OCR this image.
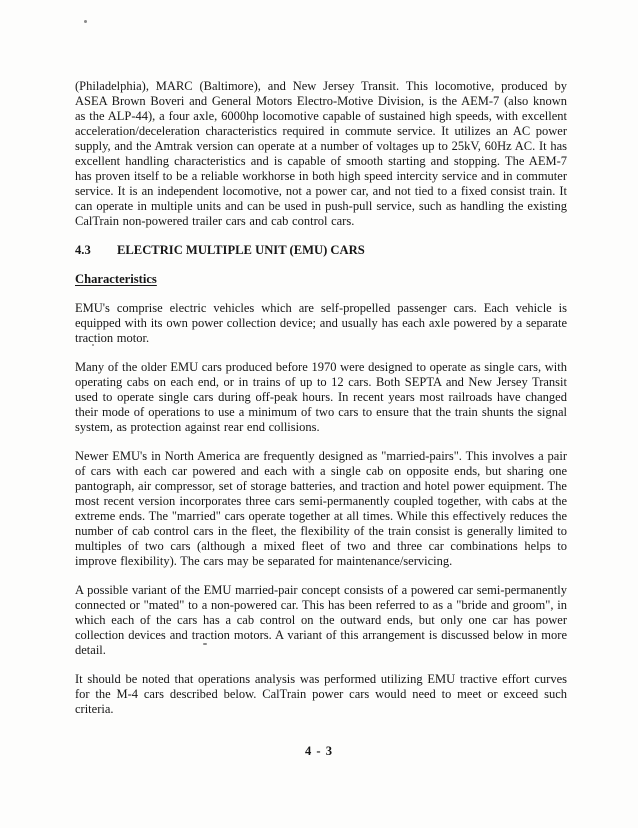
(Philadelphia), MARC (Baltimore), and New Jersey Transit. This locomotive, produced by ASEA Brown Boveri and General Motors Electro-Motive Division, is the AEM-7 (also known as the ALP-44), a four axle, 6000hp locomotive capable of sustained high speeds, with excellent acceleration/deceleration characteristics required in commute service. It utilizes an AC power supply, and the Amtrak version can operate at a number of voltages up to 25kV, 60Hz AC. It has excellent handling characteristics and is capable of smooth starting and stopping. The AEM-7 has proven itself to be a reliable workhorse in both high speed intercity service and in commuter service. It is an independent locomotive, not a power car, and not tied to a fixed consist train. It can operate in multiple units and can be used in push-pull service, such as handling the existing CalTrain non-powered trailer cars and cab control cars.

4.3 ELECTRIC MULTIPLE UNIT (EMU) CARS
Characteristics

EMU's comprise electric vehicles which are self-propelled passenger cars. Each vehicle is equipped with its own power collection device; and usually has each axle powered by a separate traction motor.

Many of the older EMU cars produced before 1970 were designed to operate as single cars, with operating cabs on each end, or in trains of up to 12 cars. Both SEPTA and New Jersey Transit used to operate single cars during off-peak hours. In recent years most railroads have changed their mode of operations to use a minimum of two cars to ensure that the train shunts the signal system, as protection against rear end collisions.

Newer EMU's in North America are frequently designed as "married-pairs". This involves a pair of cars with each car powered and each with a single cab on opposite ends, but sharing one pantograph, air compressor, set of storage batteries, and traction and hotel power equipment. The most recent version incorporates three cars semi-permanently coupled together, with cabs at the extreme ends. The "married" cars operate together at all times. While this effectively reduces the number of cab control cars in the fleet, the flexibility of the train consist is generally limited to multiples of two cars (although a mixed fleet of two and three car combinations helps to improve flexibility). The cars may be separated for maintenance/servicing.

A possible variant of the EMU married-pair concept consists of a powered car semi-permanently connected or "mated" to a non-powered car. This has been referred to as a "bride and groom", in which each of the cars has a cab control on the outward ends, but only one car has power collection devices and traction motors. A variant of this arrangement is discussed below in more detail.

It should be noted that operations analysis was performed utilizing EMU tractive effort curves for the M-4 cars described below. CalTrain power cars would need to meet or exceed such criteria.

4 - 3
